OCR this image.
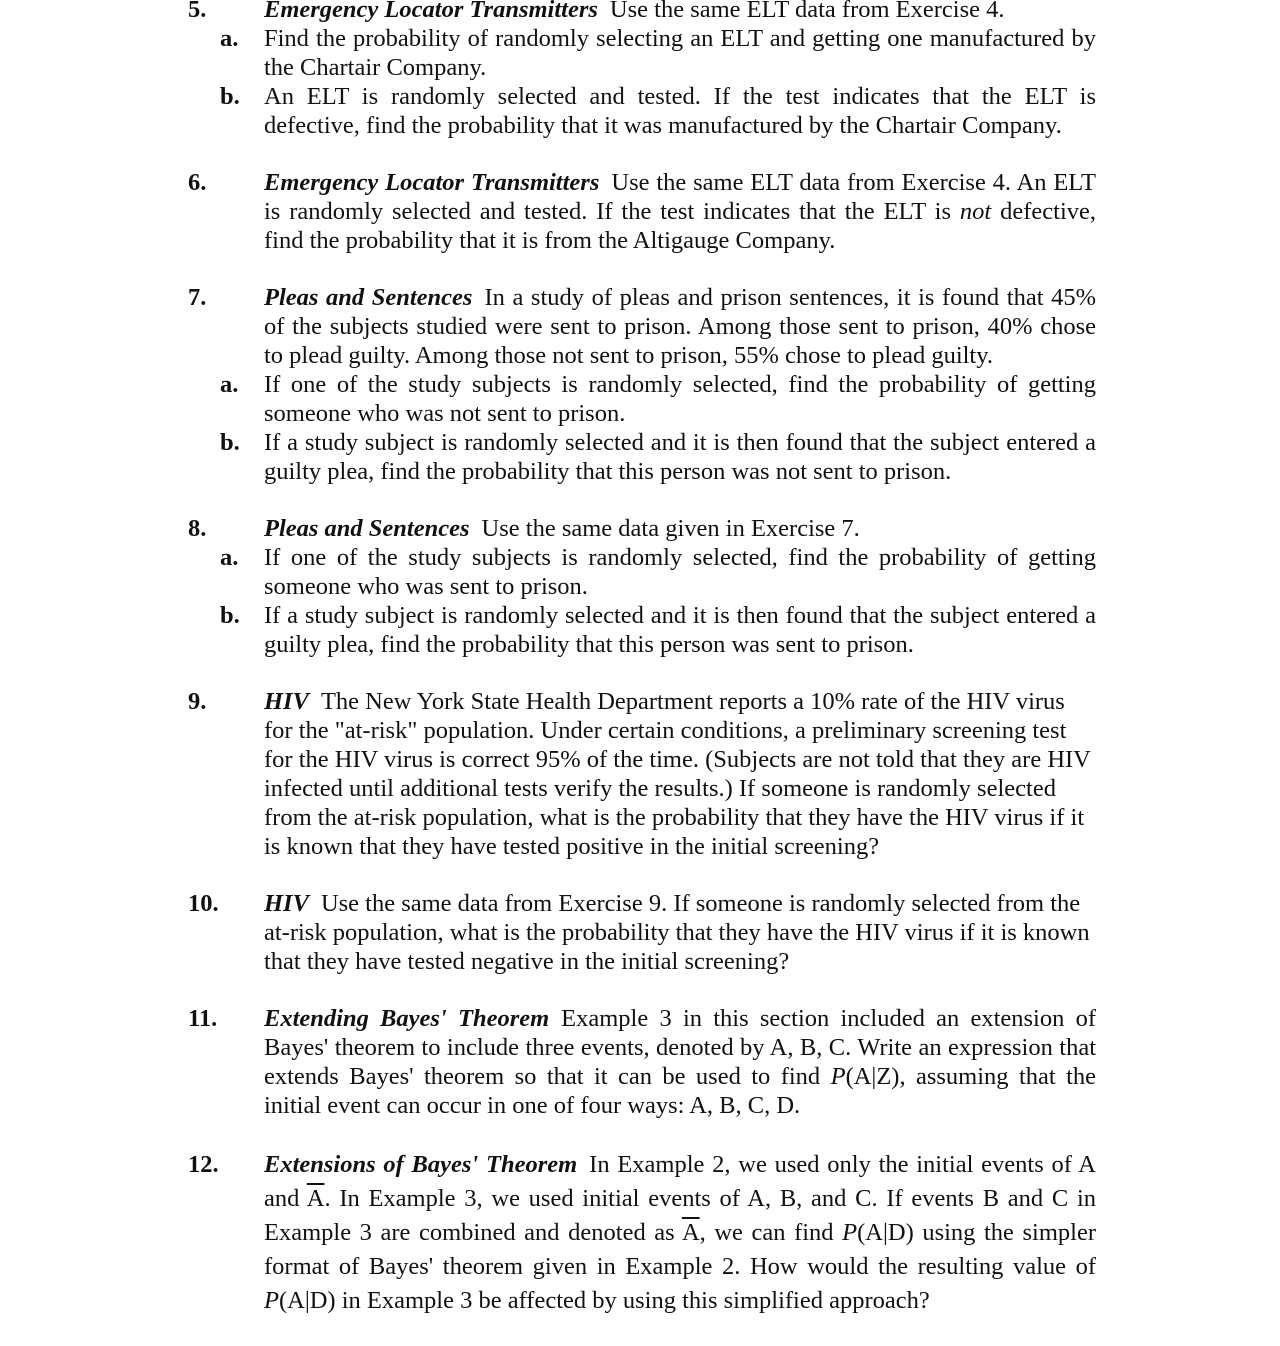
5. Emergency Locator Transmitters Use the same ELT data from Exercise 4.
a. Find the probability of randomly selecting an ELT and getting one manufactured by the Chartair Company.
b. An ELT is randomly selected and tested. If the test indicates that the ELT is defective, find the probability that it was manufactured by the Chartair Company.
6. Emergency Locator Transmitters Use the same ELT data from Exercise 4. An ELT is randomly selected and tested. If the test indicates that the ELT is not defective, find the probability that it is from the Altigauge Company.
7. Pleas and Sentences In a study of pleas and prison sentences, it is found that 45% of the subjects studied were sent to prison. Among those sent to prison, 40% chose to plead guilty. Among those not sent to prison, 55% chose to plead guilty.
a. If one of the study subjects is randomly selected, find the probability of getting someone who was not sent to prison.
b. If a study subject is randomly selected and it is then found that the subject entered a guilty plea, find the probability that this person was not sent to prison.
8. Pleas and Sentences Use the same data given in Exercise 7.
a. If one of the study subjects is randomly selected, find the probability of getting someone who was sent to prison.
b. If a study subject is randomly selected and it is then found that the subject entered a guilty plea, find the probability that this person was sent to prison.
9. HIV The New York State Health Department reports a 10% rate of the HIV virus for the "at-risk" population. Under certain conditions, a preliminary screening test for the HIV virus is correct 95% of the time. (Subjects are not told that they are HIV infected until additional tests verify the results.) If someone is randomly selected from the at-risk population, what is the probability that they have the HIV virus if it is known that they have tested positive in the initial screening?
10. HIV Use the same data from Exercise 9. If someone is randomly selected from the at-risk population, what is the probability that they have the HIV virus if it is known that they have tested negative in the initial screening?
11. Extending Bayes' Theorem Example 3 in this section included an extension of Bayes' theorem to include three events, denoted by A, B, C. Write an expression that extends Bayes' theorem so that it can be used to find P(A|Z), assuming that the initial event can occur in one of four ways: A, B, C, D.
12. Extensions of Bayes' Theorem In Example 2, we used only the initial events of A and $\overline{A}$. In Example 3, we used initial events of A, B, and C. If events B and C in Example 3 are combined and denoted as $\overline{A}$, we can find P(A|D) using the simpler format of Bayes' theorem given in Example 2. How would the resulting value of P(A|D) in Example 3 be affected by using this simplified approach?
